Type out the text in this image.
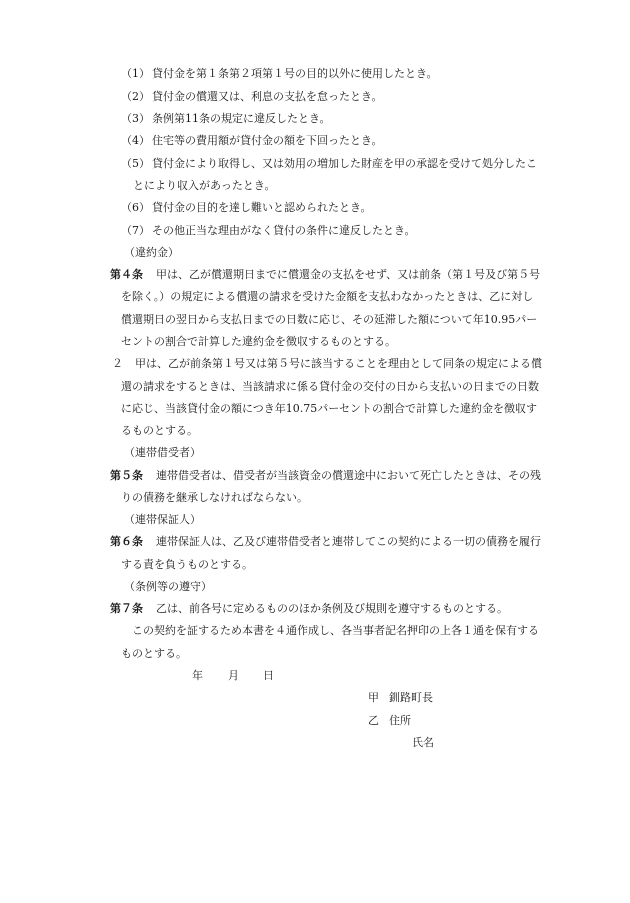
（1） 貸付金を第１条第２項第１号の目的以外に使用したとき。
（2） 貸付金の償還又は、利息の支払を怠ったとき。
（3） 条例第11条の規定に違反したとき。
（4） 住宅等の費用額が貸付金の額を下回ったとき。
（5） 貸付金により取得し、又は効用の増加した財産を甲の承認を受けて処分したこ
とにより収入があったとき。
（6） 貸付金の目的を達し難いと認められたとき。
（7） その他正当な理由がなく貸付の条件に違反したとき。
（違約金）
第４条 甲は、乙が償還期日までに償還金の支払をせず、又は前条（第１号及び第５号
を除く。）の規定による償還の請求を受けた金額を支払わなかったときは、乙に対し
償還期日の翌日から支払日までの日数に応じ、その延滞した額について年10.95パー
セントの割合で計算した違約金を徴収するものとする。
２ 甲は、乙が前条第１号又は第５号に該当することを理由として同条の規定による償
還の請求をするときは、当該請求に係る貸付金の交付の日から支払いの日までの日数
に応じ、当該貸付金の額につき年10.75パーセントの割合で計算した違約金を徴収す
るものとする。
（連帯借受者）
第５条 連帯借受者は、借受者が当該資金の償還途中において死亡したときは、その残
りの債務を継承しなければならない。
（連帯保証人）
第６条 連帯保証人は、乙及び連帯借受者と連帯してこの契約による一切の債務を履行
する責を負うものとする。
（条例等の遵守）
第７条 乙は、前各号に定めるもののほか条例及び規則を遵守するものとする。
この契約を証するため本書を４通作成し、各当事者記名押印の上各１通を保有する
ものとする。
年 月 日
甲 釧路町長
乙 住所
氏名
